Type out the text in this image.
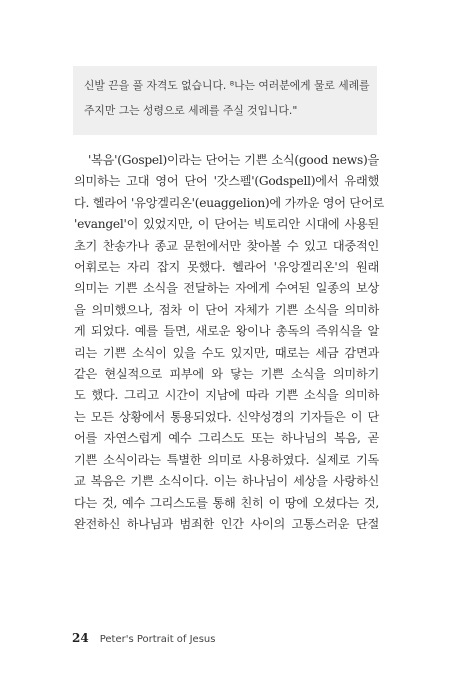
신발 끈을 풀 자격도 없습니다. ⁸나는 여러분에게 물로 세례를
주지만 그는 성령으로 세례를 주실 것입니다."
'복음'(Gospel)이라는 단어는 기쁜 소식(good news)을
의미하는 고대 영어 단어 '갓스펠'(Godspell)에서 유래했
다. 헬라어 '유앙겔리온'(euaggelion)에 가까운 영어 단어로
'evangel'이 있었지만, 이 단어는 빅토리안 시대에 사용된
초기 찬송가나 종교 문헌에서만 찾아볼 수 있고 대중적인
어휘로는 자리 잡지 못했다. 헬라어 '유앙겔리온'의 원래
의미는 기쁜 소식을 전달하는 자에게 수여된 일종의 보상
을 의미했으나, 점차 이 단어 자체가 기쁜 소식을 의미하
게 되었다. 예를 들면, 새로운 왕이나 총독의 즉위식을 알
리는 기쁜 소식이 있을 수도 있지만, 때로는 세금 감면과
같은 현실적으로 피부에 와 닿는 기쁜 소식을 의미하기
도 했다. 그리고 시간이 지남에 따라 기쁜 소식을 의미하
는 모든 상황에서 통용되었다. 신약성경의 기자들은 이 단
어를 자연스럽게 예수 그리스도 또는 하나님의 복음, 곧
기쁜 소식이라는 특별한 의미로 사용하였다. 실제로 기독
교 복음은 기쁜 소식이다. 이는 하나님이 세상을 사랑하신
다는 것, 예수 그리스도를 통해 친히 이 땅에 오셨다는 것,
완전하신 하나님과 범죄한 인간 사이의 고통스러운 단절
24 Peter's Portrait of Jesus
